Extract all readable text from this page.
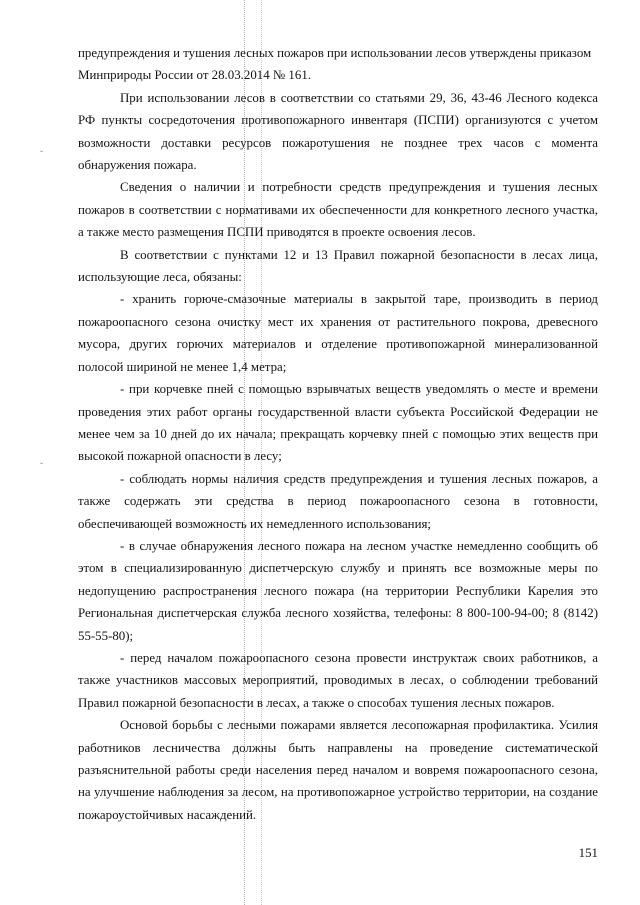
ˇ
ˇ

предупреждения и тушения лесных пожаров при использовании лесов утверждены приказом Минприроды России от 28.03.2014 № 161.

При использовании лесов в соответствии со статьями 29, 36, 43-46 Лесного кодекса РФ пункты сосредоточения противопожарного инвентаря (ПСПИ) организуются с учетом возможности доставки ресурсов пожаротушения не позднее трех часов с момента обнаружения пожара.

Сведения о наличии и потребности средств предупреждения и тушения лесных пожаров в соответствии с нормативами их обеспеченности для конкретного лесного участка, а также место размещения ПСПИ приводятся в проекте освоения лесов.

В соответствии с пунктами 12 и 13 Правил пожарной безопасности в лесах лица, использующие леса, обязаны:

- хранить горюче-смазочные материалы в закрытой таре, производить в период пожароопасного сезона очистку мест их хранения от растительного покрова, древесного мусора, других горючих материалов и отделение противопожарной минерализованной полосой шириной не менее 1,4 метра;

- при корчевке пней с помощью взрывчатых веществ уведомлять о месте и времени проведения этих работ органы государственной власти субъекта Российской Федерации не менее чем за 10 дней до их начала; прекращать корчевку пней с помощью этих веществ при высокой пожарной опасности в лесу;

- соблюдать нормы наличия средств предупреждения и тушения лесных пожаров, а также содержать эти средства в период пожароопасного сезона в готовности, обеспечивающей возможность их немедленного использования;

- в случае обнаружения лесного пожара на лесном участке немедленно сообщить об этом в специализированную диспетчерскую службу и принять все возможные меры по недопущению распространения лесного пожара (на территории Республики Карелия это Региональная диспетчерская служба лесного хозяйства, телефоны: 8 800-100-94-00; 8 (8142) 55-55-80);

- перед началом пожароопасного сезона провести инструктаж своих работников, а также участников массовых мероприятий, проводимых в лесах, о соблюдении требований Правил пожарной безопасности в лесах, а также о способах тушения лесных пожаров.

Основой борьбы с лесными пожарами является лесопожарная профилактика. Усилия работников лесничества должны быть направлены на проведение систематической разъяснительной работы среди населения перед началом и вовремя пожароопасного сезона, на улучшение наблюдения за лесом, на противопожарное устройство территории, на создание пожароустойчивых насаждений.

151
